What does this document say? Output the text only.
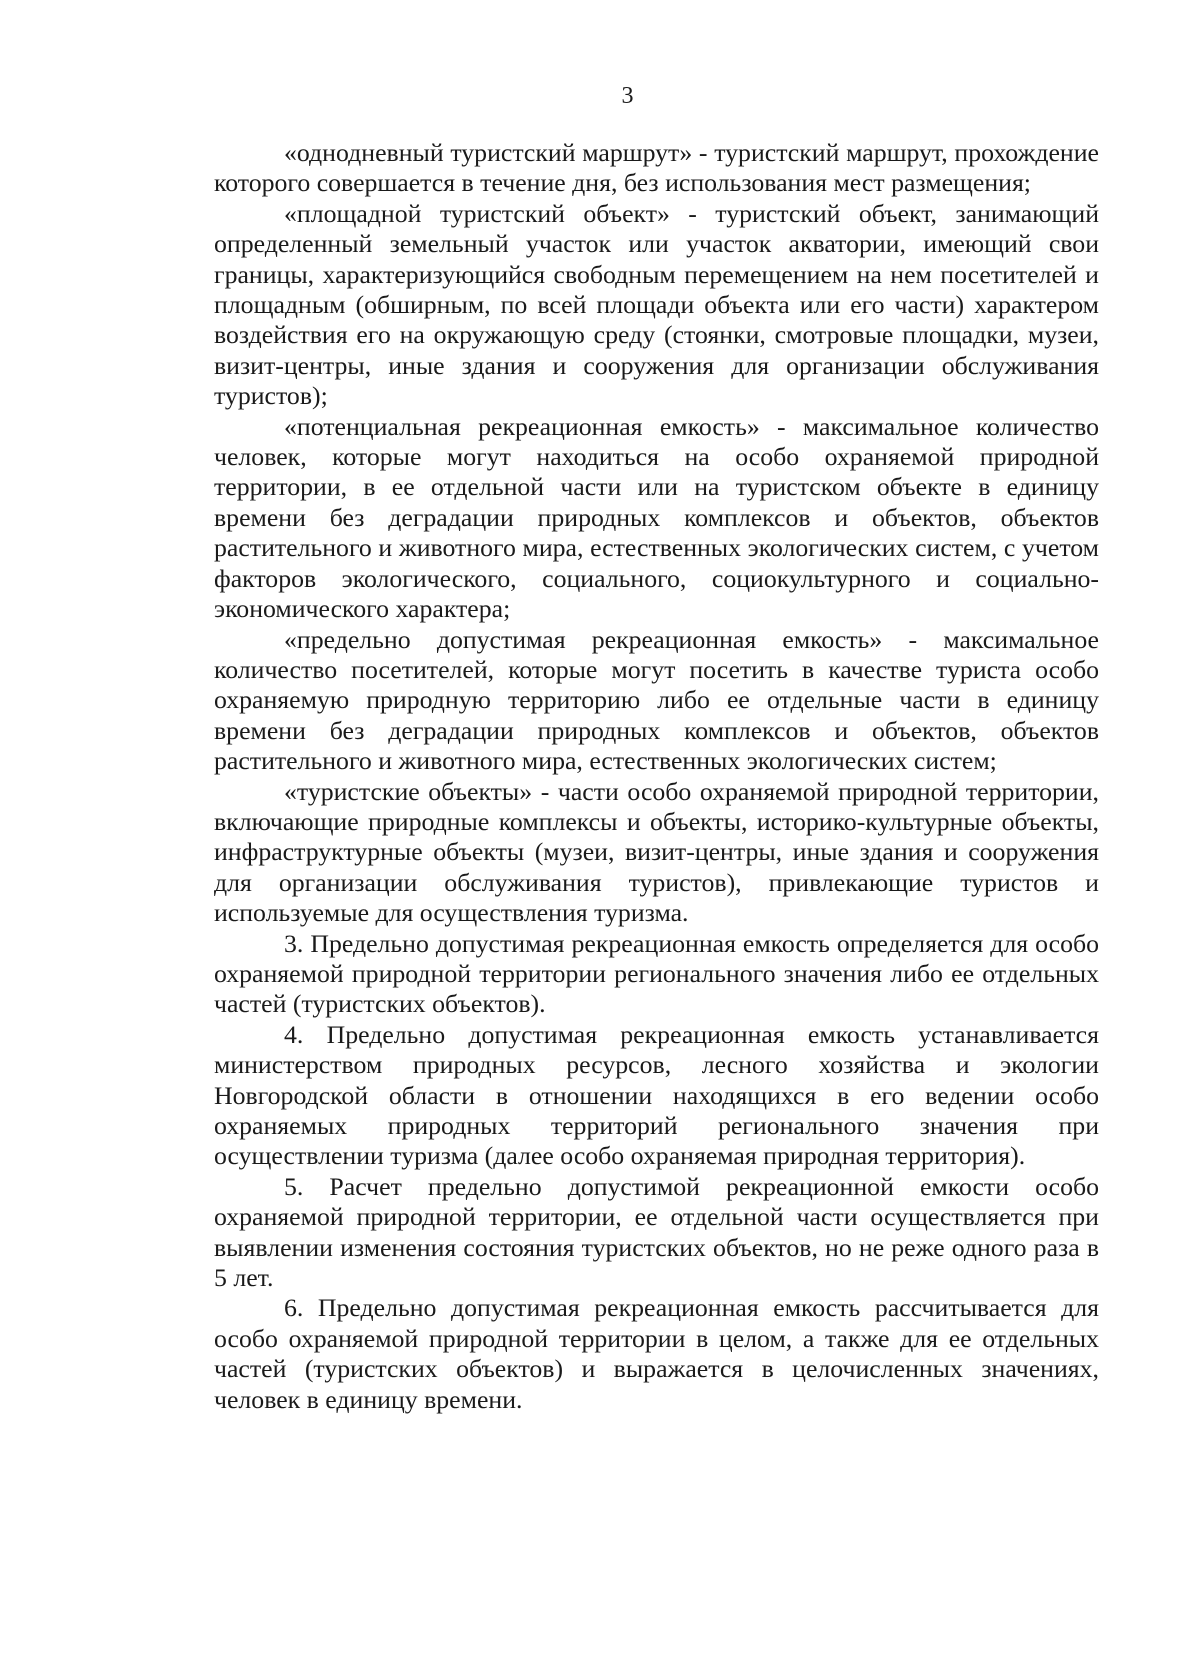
3

«однодневный туристский маршрут» - туристский маршрут, прохождение которого совершается в течение дня, без использования мест размещения;

«площадной туристский объект» - туристский объект, занимающий определенный земельный участок или участок акватории, имеющий свои границы, характеризующийся свободным перемещением на нем посетителей и площадным (обширным, по всей площади объекта или его части) характером воздействия его на окружающую среду (стоянки, смотровые площадки, музеи, визит-центры, иные здания и сооружения для организации обслуживания туристов);

«потенциальная рекреационная емкость» - максимальное количество человек, которые могут находиться на особо охраняемой природной территории, в ее отдельной части или на туристском объекте в единицу времени без деградации природных комплексов и объектов, объектов растительного и животного мира, естественных экологических систем, с учетом факторов экологического, социального, социокультурного и социально-экономического характера;

«предельно допустимая рекреационная емкость» - максимальное количество посетителей, которые могут посетить в качестве туриста особо охраняемую природную территорию либо ее отдельные части в единицу времени без деградации природных комплексов и объектов, объектов растительного и животного мира, естественных экологических систем;

«туристские объекты» - части особо охраняемой природной территории, включающие природные комплексы и объекты, историко-культурные объекты, инфраструктурные объекты (музеи, визит-центры, иные здания и сооружения для организации обслуживания туристов), привлекающие туристов и используемые для осуществления туризма.

3. Предельно допустимая рекреационная емкость определяется для особо охраняемой природной территории регионального значения либо ее отдельных частей (туристских объектов).

4. Предельно допустимая рекреационная емкость устанавливается министерством природных ресурсов, лесного хозяйства и экологии Новгородской области в отношении находящихся в его ведении особо охраняемых природных территорий регионального значения при осуществлении туризма (далее особо охраняемая природная территория).

5. Расчет предельно допустимой рекреационной емкости особо охраняемой природной территории, ее отдельной части осуществляется при выявлении изменения состояния туристских объектов, но не реже одного раза в 5 лет.

6. Предельно допустимая рекреационная емкость рассчитывается для особо охраняемой природной территории в целом, а также для ее отдельных частей (туристских объектов) и выражается в целочисленных значениях, человек в единицу времени.
